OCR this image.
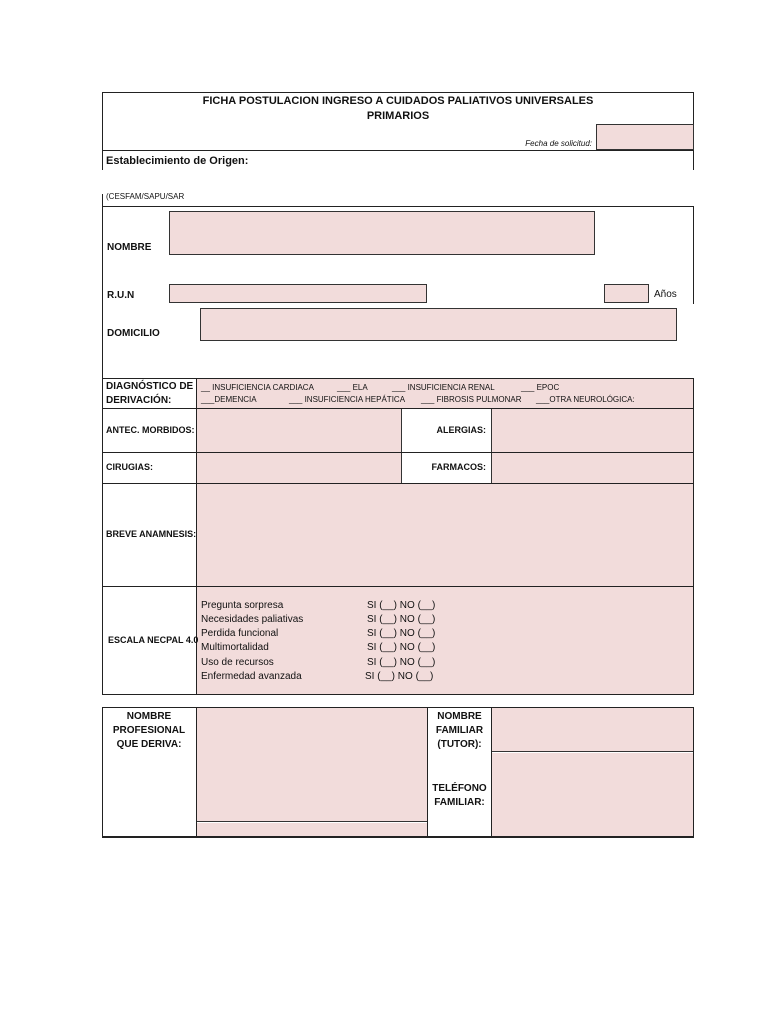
FICHA POSTULACION INGRESO A CUIDADOS PALIATIVOS UNIVERSALES
PRIMARIOS
Fecha de solicitud:
Establecimiento de Origen:
(CESFAM/SAPU/SAR
NOMBRE
R.U.N	Años
DOMICILIO
DIAGNÓSTICO DE
DERIVACIÓN:
__ INSUFICIENCIA CARDIACA	___ ELA	___ INSUFICIENCIA RENAL	___ EPOC
___DEMENCIA	___ INSUFICIENCIA HEPÁTICA ___ FIBROSIS PULMONAR ___OTRA NEUROLÓGICA:
ANTEC. MORBIDOS:	ALERGIAS:
CIRUGIAS:	FARMACOS:
BREVE ANAMNESIS:
ESCALA NECPAL 4.0
Pregunta sorpresa	SI (__) NO (__)
Necesidades paliativas	SI (__) NO (__)
Perdida funcional	SI (__) NO (__)
Multimortalidad	SI (__) NO (__)
Uso de recursos	SI (__) NO (__)
Enfermedad avanzada	SI (__) NO (__)
NOMBRE
PROFESIONAL
QUE DERIVA:
NOMBRE
FAMILIAR
(TUTOR):
TELÉFONO
FAMILIAR:
